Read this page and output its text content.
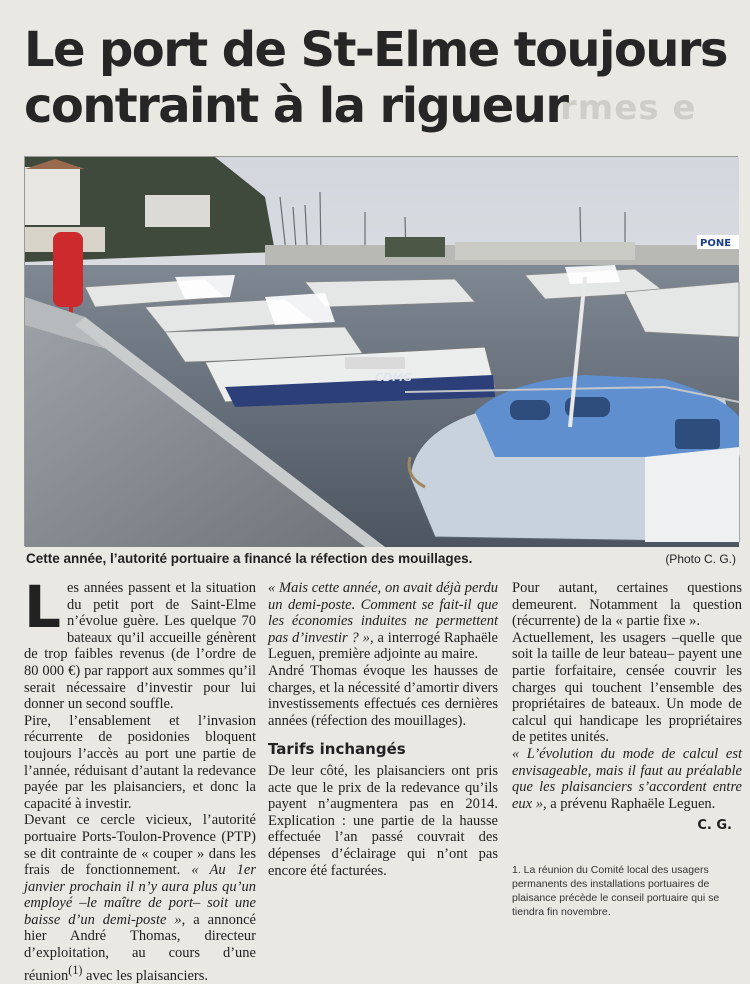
rmes e
Le port de St-Elme toujours contraint à la rigueur
PONE
CDMG
Cette année, l’autorité portuaire a financé la réfection des mouillages.	(Photo C. G.)

Les années passent et la situation du petit port de Saint-Elme n’évolue guère. Les quelque 70 bateaux qu’il accueille génèrent de trop faibles revenus (de l’ordre de 80 000 €) par rapport aux sommes qu’il serait nécessaire d’investir pour lui donner un second souffle.

Pire, l’ensablement et l’invasion récurrente de posidonies bloquent toujours l’accès au port une partie de l’année, réduisant d’autant la redevance payée par les plaisanciers, et donc la capacité à investir.

Devant ce cercle vicieux, l’autorité portuaire Ports-Toulon-Provence (PTP) se dit contrainte de « couper » dans les frais de fonctionnement. « Au 1er janvier prochain il n’y aura plus qu’un employé –le maître de port– soit une baisse d’un demi-poste », a annoncé hier André Thomas, directeur d’exploitation, au cours d’une réunion$^{(1)}$ avec les plaisanciers.

« Mais cette année, on avait déjà perdu un demi-poste. Comment se fait-il que les économies induites ne permettent pas d’investir ? », a interrogé Raphaële Leguen, première adjointe au maire.

André Thomas évoque les hausses de charges, et la nécessité d’amortir divers investissements effectués ces dernières années (réfection des mouillages).

Tarifs inchangés

De leur côté, les plaisanciers ont pris acte que le prix de la redevance qu’ils payent n’augmentera pas en 2014. Explication : une partie de la hausse effectuée l’an passé couvrait des dépenses d’éclairage qui n’ont pas encore été facturées.

Pour autant, certaines questions demeurent. Notamment la question (récurrente) de la « partie fixe ».

Actuellement, les usagers –quelle que soit la taille de leur bateau– payent une partie forfaitaire, censée couvrir les charges qui touchent l’ensemble des propriétaires de bateaux. Un mode de calcul qui handicape les propriétaires de petites unités.

« L’évolution du mode de calcul est envisageable, mais il faut au préalable que les plaisanciers s’accordent entre eux », a prévenu Raphaële Leguen.

C. G.
1. La réunion du Comité local des usagers permanents des installations portuaires de plaisance précède le conseil portuaire qui se tiendra fin novembre.
